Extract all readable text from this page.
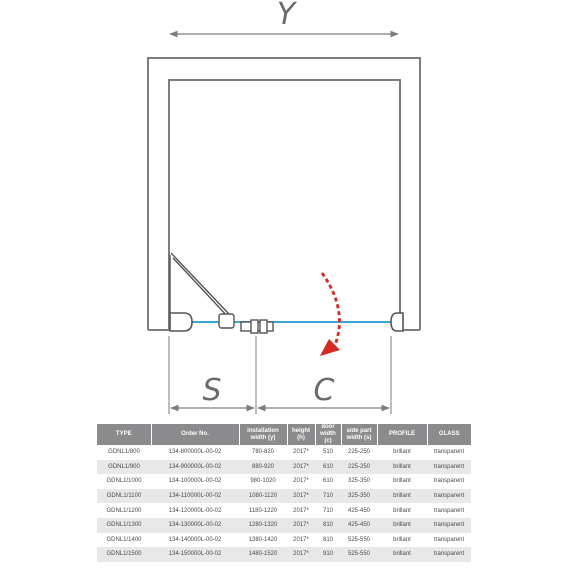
Y
S	C
TYPE	Order No.	installation width (y)	height (h)	door width (c)	side part width (s)	PROFILE	GLASS
GDNL1/800	134-800000L-00-02	780-820	2017*	510	225-250	brillant	transparent
GDNL1/900	134-900000L-00-02	880-920	2017*	610	225-250	brillant	transparent
GDNL1/1000	134-100000L-00-02	980-1020	2017*	610	325-350	brillant	transparent
GDNL1/1100	134-110000L-00-02	1080-1120	2017*	710	325-350	brillant	transparent
GDNL1/1200	134-120000L-00-02	1180-1220	2017*	710	425-450	brillant	transparent
GDNL1/1300	134-130000L-00-02	1280-1320	2017*	810	425-450	brillant	transparent
GDNL1/1400	134-140000L-00-02	1380-1420	2017*	810	525-550	brillant	transparent
GDNL1/1500	134-150000L-00-02	1480-1520	2017*	910	525-550	brillant	transparent
